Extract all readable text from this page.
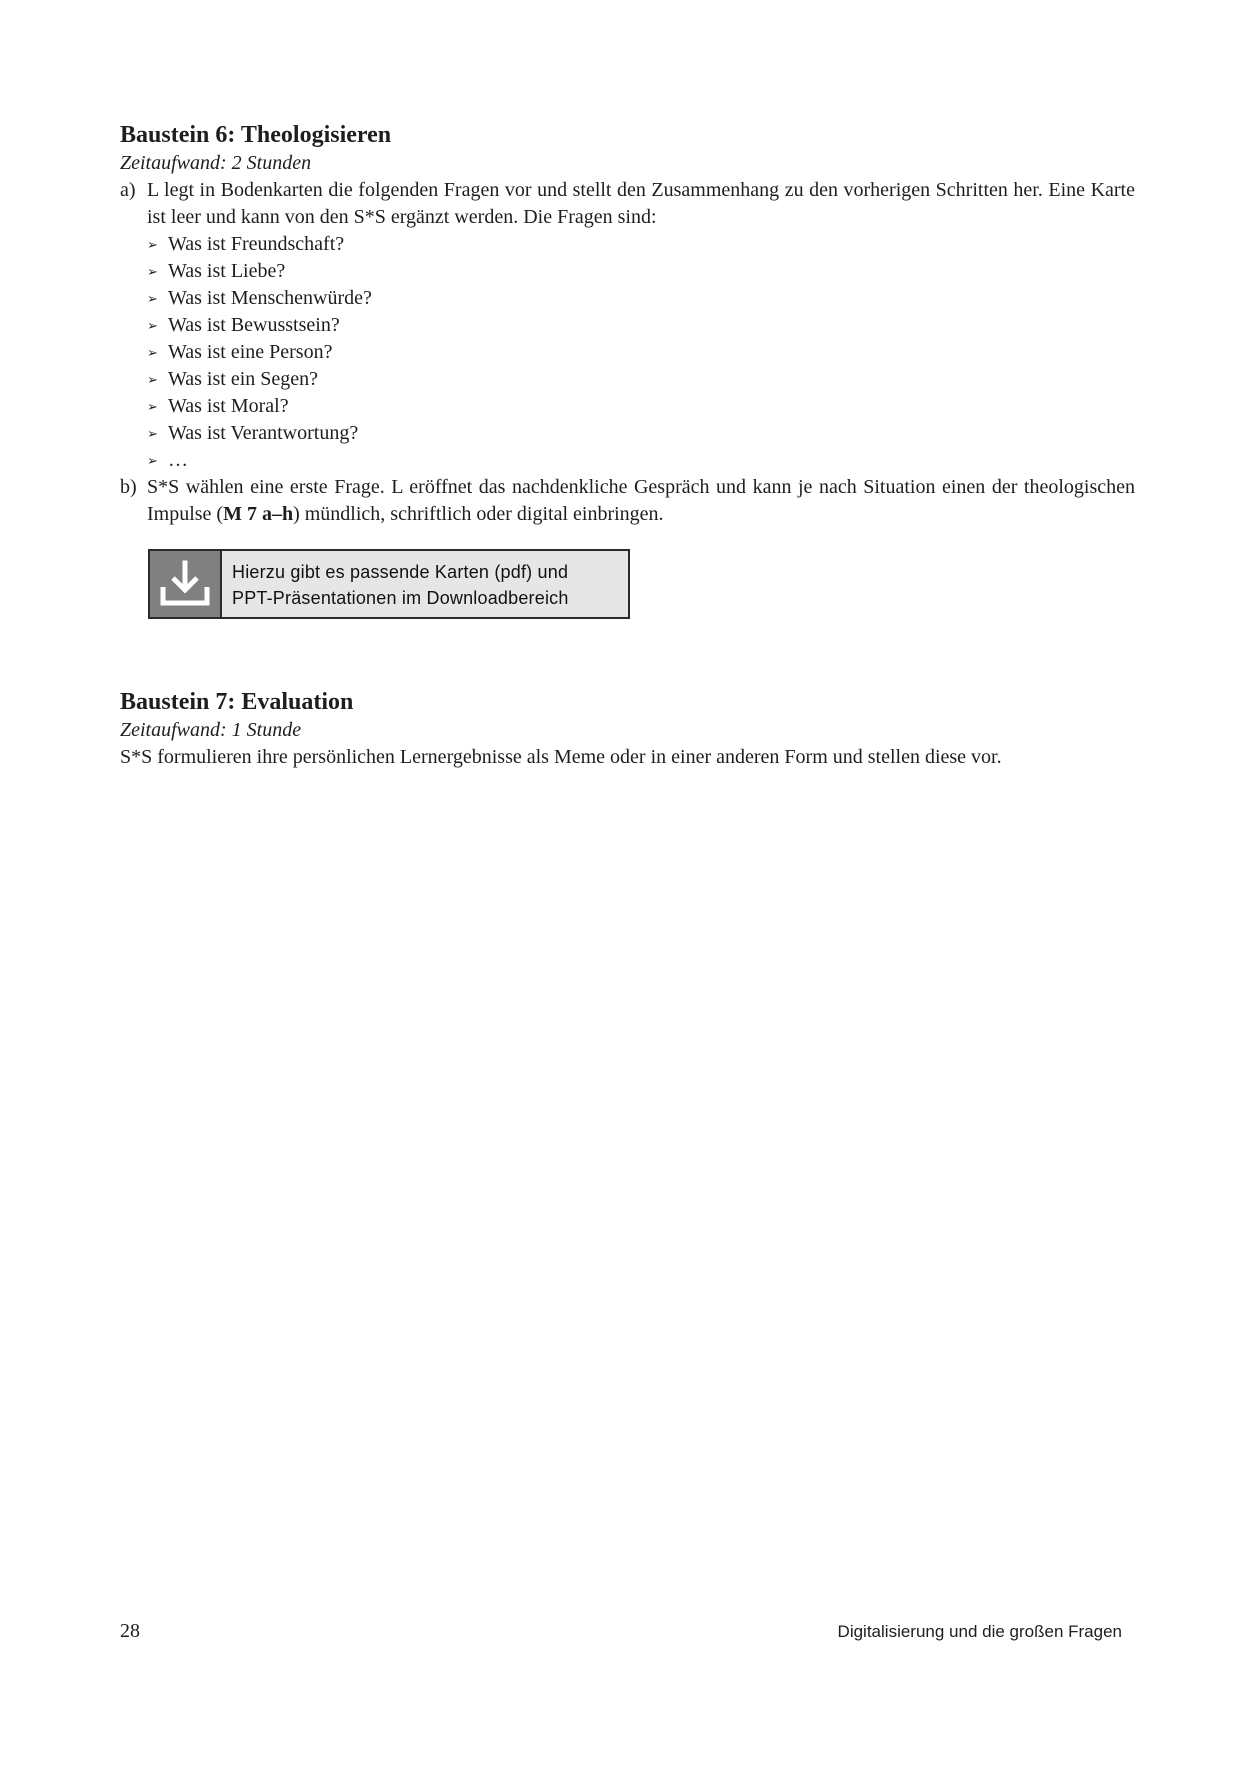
Baustein 6: Theologisieren

Zeitaufwand: 2 Stunden

a) L legt in Bodenkarten die folgenden Fragen vor und stellt den Zusammenhang zu den vorherigen Schritten her. Eine Karte ist leer und kann von den S*S ergänzt werden. Die Fragen sind:
➢ Was ist Freundschaft?
➢ Was ist Liebe?
➢ Was ist Menschenwürde?
➢ Was ist Bewusstsein?
➢ Was ist eine Person?
➢ Was ist ein Segen?
➢ Was ist Moral?
➢ Was ist Verantwortung?
➢ …
b) S*S wählen eine erste Frage. L eröffnet das nachdenkliche Gespräch und kann je nach Situation einen der theologischen Impulse (M 7 a–h) mündlich, schriftlich oder digital einbringen.
Hierzu gibt es passende Karten (pdf) und
PPT-Präsentationen im Downloadbereich
Baustein 7: Evaluation

Zeitaufwand: 1 Stunde

S*S formulieren ihre persönlichen Lernergebnisse als Meme oder in einer anderen Form und stellen diese vor.

28	Digitalisierung und die großen Fragen
